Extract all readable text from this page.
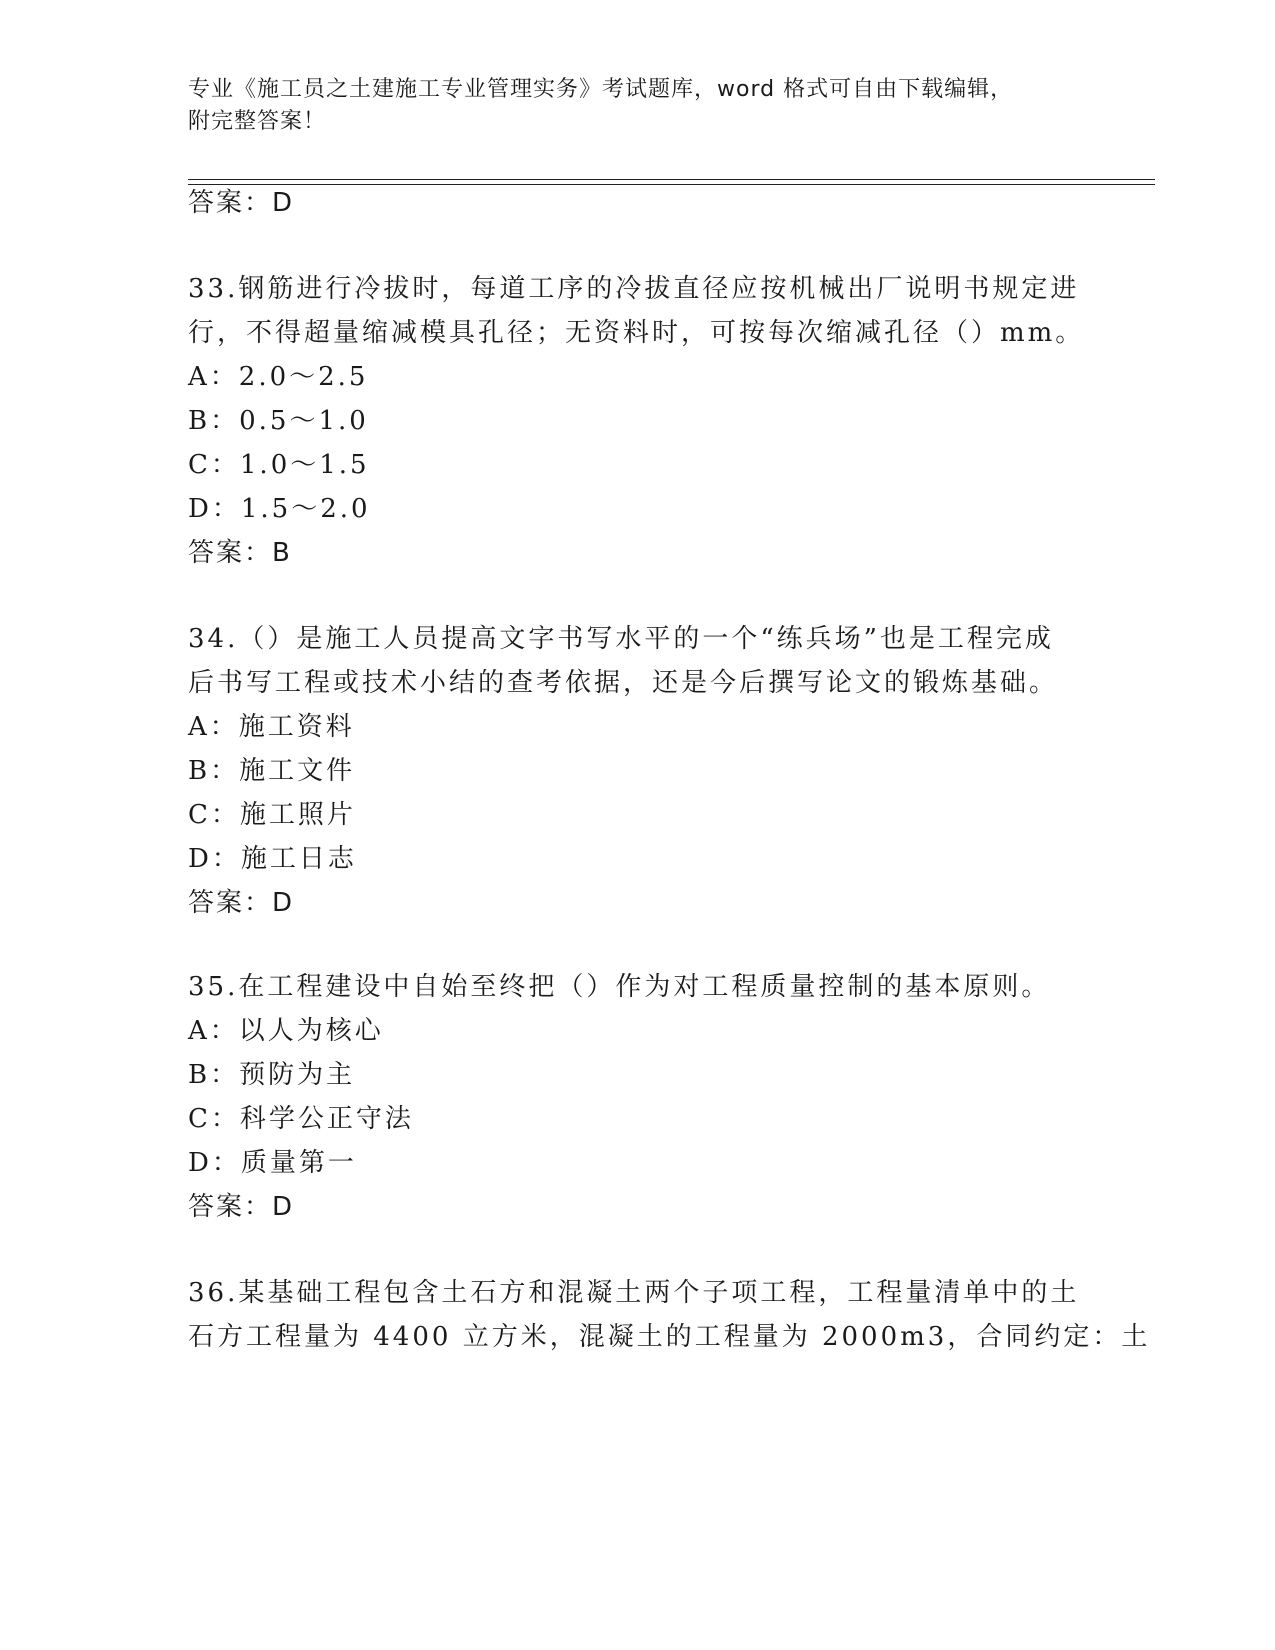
专业《施工员之土建施工专业管理实务》考试题库，word 格式可自由下载编辑，
附完整答案！
答案：D
33.钢筋进行冷拔时，每道工序的冷拔直径应按机械出厂说明书规定进
行，不得超量缩减模具孔径；无资料时，可按每次缩减孔径（）mm。
A：2.0～2.5
B：0.5～1.0
C：1.0～1.5
D：1.5～2.0
答案：B
34.（）是施工人员提高文字书写水平的一个“练兵场”也是工程完成
后书写工程或技术小结的查考依据，还是今后撰写论文的锻炼基础。
A：施工资料
B：施工文件
C：施工照片
D：施工日志
答案：D
35.在工程建设中自始至终把（）作为对工程质量控制的基本原则。
A：以人为核心
B：预防为主
C：科学公正守法
D：质量第一
答案：D
36.某基础工程包含土石方和混凝土两个子项工程，工程量清单中的土
石方工程量为 4400 立方米，混凝土的工程量为 2000m3，合同约定：土
